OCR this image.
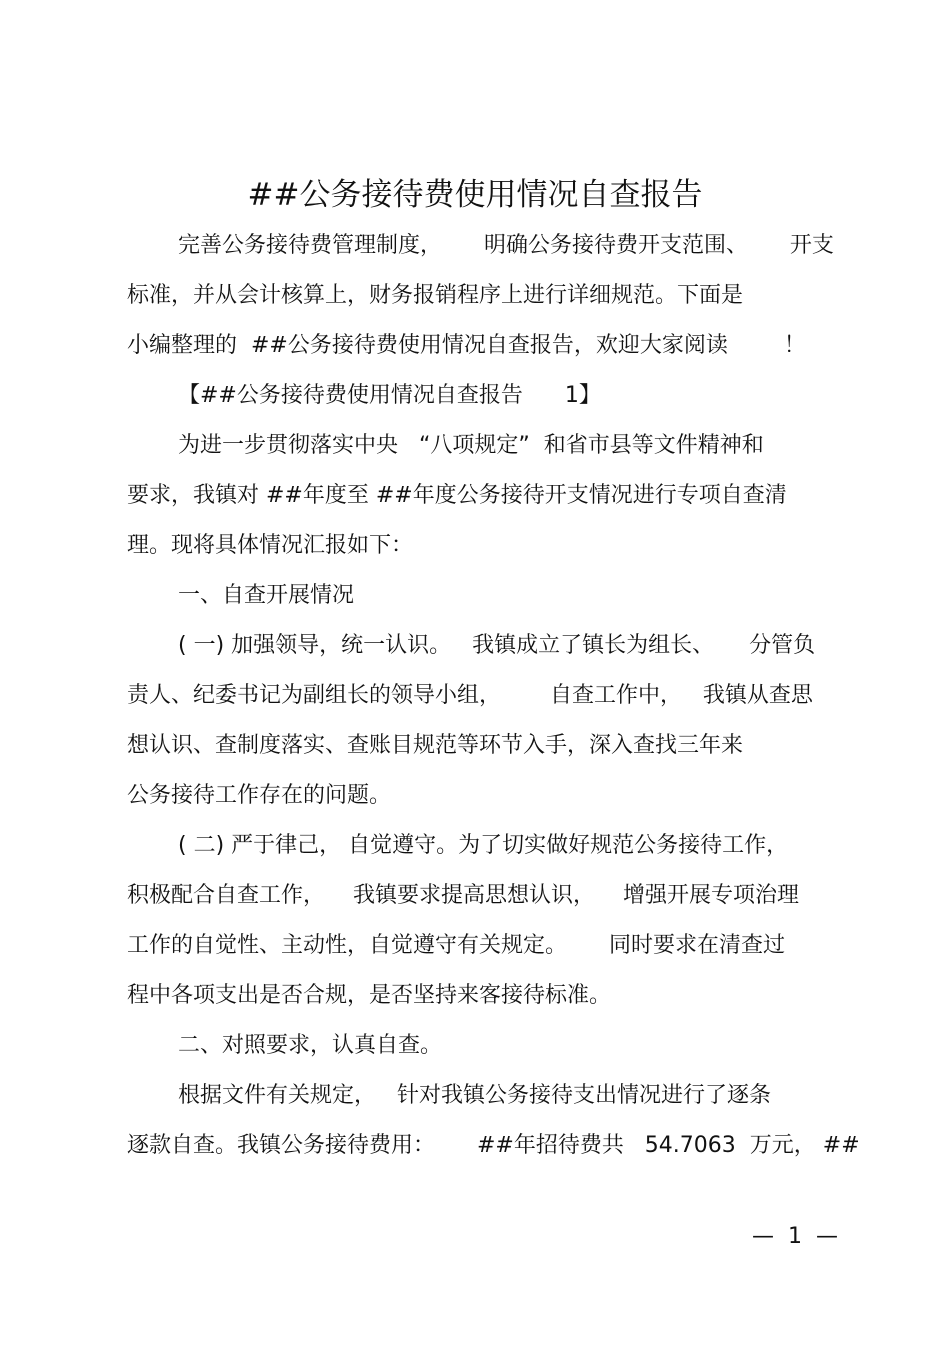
##公务接待费使用情况自查报告
完善公务接待费管理制度，      明确公务接待费开支范围、      开支
标准，并从会计核算上，财务报销程序上进行详细规范。下面是
小编整理的  ##公务接待费使用情况自查报告，欢迎大家阅读        ！
【##公务接待费使用情况自查报告      1】
为进一步贯彻落实中央   “八项规定”  和省市县等文件精神和
要求，我镇对 ##年度至 ##年度公务接待开支情况进行专项自查清
理。现将具体情况汇报如下：
一、自查开展情况
( 一) 加强领导，统一认识。   我镇成立了镇长为组长、     分管负
责人、纪委书记为副组长的领导小组，       自查工作中，   我镇从查思
想认识、查制度落实、查账目规范等环节入手，深入查找三年来
公务接待工作存在的问题。
( 二) 严于律己， 自觉遵守。为了切实做好规范公务接待工作，
积极配合自查工作，    我镇要求提高思想认识，    增强开展专项治理
工作的自觉性、主动性，自觉遵守有关规定。      同时要求在清查过
程中各项支出是否合规，是否坚持来客接待标准。
二、对照要求，认真自查。
根据文件有关规定，   针对我镇公务接待支出情况进行了逐条
逐款自查。我镇公务接待费用：      ##年招待费共   54.7063  万元， ##
—  1  —
